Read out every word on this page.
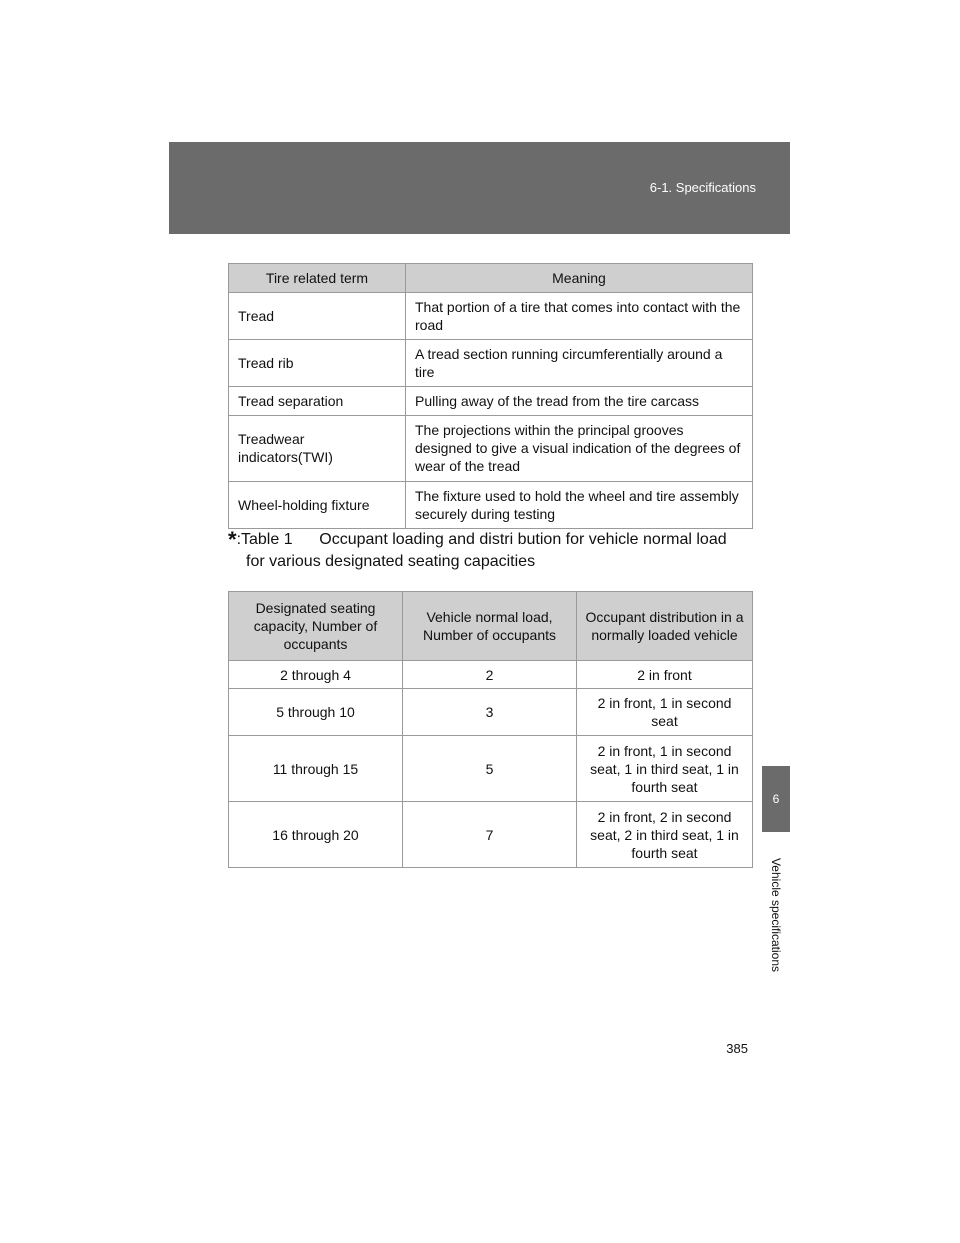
6-1. Specifications
6
Vehicle specifications
Tire related term	Meaning
Tread	That portion of a tire that comes into contact with the road
Tread rib	A tread section running circumferentially around a tire
Tread separation	Pulling away of the tread from the tire carcass
Treadwear indicators(TWI)	The projections within the principal grooves designed to give a visual indication of the degrees of wear of the tread
Wheel-holding fixture	The fixture used to hold the wheel and tire assembly securely during testing
*:Table 1      Occupant loading and distri bution for vehicle normal load
for various designated seating capacities
Designated seating capacity, Number of occupants	Vehicle normal load, Number of occupants	Occupant distribution in a normally loaded vehicle
2 through 4	2	2 in front
5 through 10	3	2 in front, 1 in second seat
11 through 15	5	2 in front, 1 in second seat, 1 in third seat, 1 in fourth seat
16 through 20	7	2 in front, 2 in second seat, 2 in third seat, 1 in fourth seat
385
